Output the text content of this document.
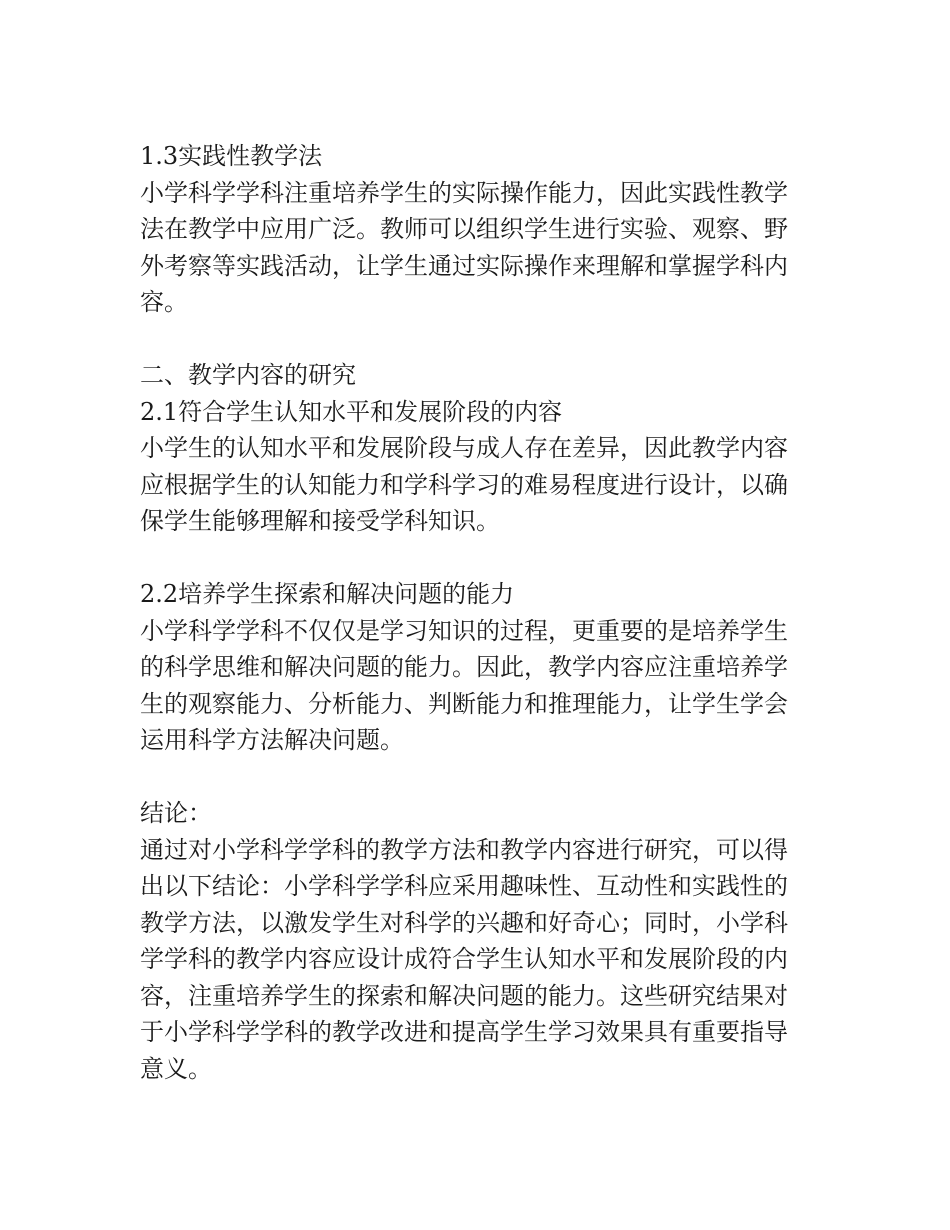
1.3实践性教学法
小学科学学科注重培养学生的实际操作能力，因此实践性教学
法在教学中应用广泛。教师可以组织学生进行实验、观察、野
外考察等实践活动，让学生通过实际操作来理解和掌握学科内
容。
二、教学内容的研究
2.1符合学生认知水平和发展阶段的内容
小学生的认知水平和发展阶段与成人存在差异，因此教学内容
应根据学生的认知能力和学科学习的难易程度进行设计，以确
保学生能够理解和接受学科知识。
2.2培养学生探索和解决问题的能力
小学科学学科不仅仅是学习知识的过程，更重要的是培养学生
的科学思维和解决问题的能力。因此，教学内容应注重培养学
生的观察能力、分析能力、判断能力和推理能力，让学生学会
运用科学方法解决问题。
结论：
通过对小学科学学科的教学方法和教学内容进行研究，可以得
出以下结论：小学科学学科应采用趣味性、互动性和实践性的
教学方法，以激发学生对科学的兴趣和好奇心；同时，小学科
学学科的教学内容应设计成符合学生认知水平和发展阶段的内
容，注重培养学生的探索和解决问题的能力。这些研究结果对
于小学科学学科的教学改进和提高学生学习效果具有重要指导
意义。
